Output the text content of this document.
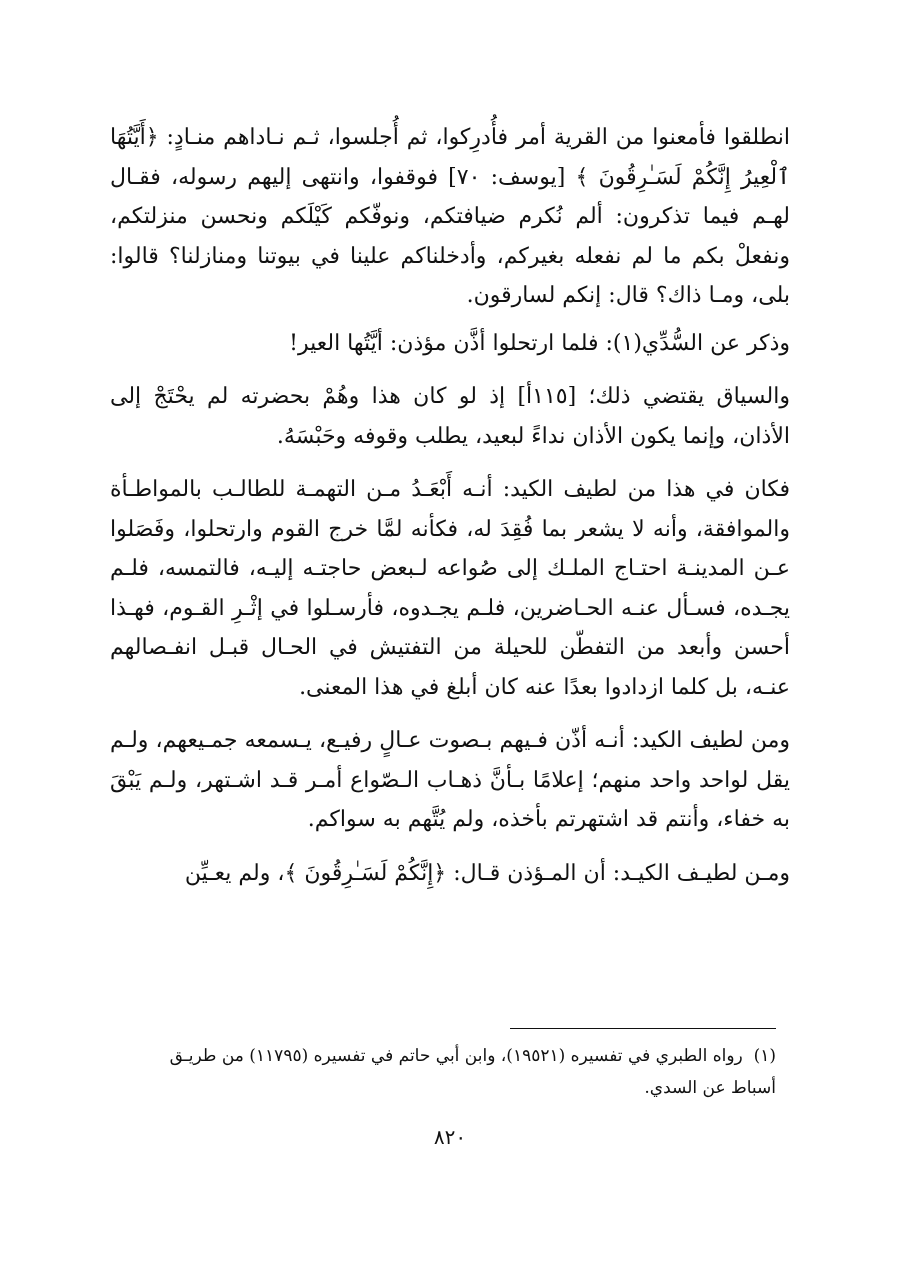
انطلقوا فأمعنوا من القرية أمر فأُدرِكوا، ثم أُجلسوا، ثـم نـاداهم منـادٍ: ﴿أَيَّتُهَا ٱلْعِيرُ إِنَّكُمْ لَسَـٰرِقُونَ ﴾ [يوسف: ٧٠] فوقفوا، وانتهى إليهم رسوله، فقـال لهـم فيما تذكرون: ألم نُكرم ضيافتكم، ونوفّكم كَيْلَكم ونحسن منزلتكم، ونفعلْ بكم ما لم نفعله بغيركم، وأدخلناكم علينا في بيوتنا ومنازلنا؟ قالوا: بلى، ومـا ذاك؟ قال: إنكم لسارقون.

وذكر عن السُّدِّي(١): فلما ارتحلوا أذَّن مؤذن: أيَّتُها العير!

والسياق يقتضي ذلك؛ [١١٥أ] إذ لو كان هذا وهُمْ بحضرته لم يحْتَجْ إلى الأذان، وإنما يكون الأذان نداءً لبعيد، يطلب وقوفه وحَبْسَهُ.

فكان في هذا من لطيف الكيد: أنـه أَبْعَـدُ مـن التهمـة للطالـب بالمواطـأة والموافقة، وأنه لا يشعر بما فُقِدَ له، فكأنه لمَّا خرج القوم وارتحلوا، وفَصَلوا عـن المدينـة احتـاج الملـك إلى صُواعه لـبعض حاجتـه إليـه، فالتمسه، فلـم يجـده، فسـأل عنـه الحـاضرين، فلـم يجـدوه، فأرسـلوا في إثْـرِ القـوم، فهـذا أحسن وأبعد من التفطّن للحيلة من التفتيش في الحـال قبـل انفـصالهم عنـه، بل كلما ازدادوا بعدًا عنه كان أبلغ في هذا المعنى.

ومن لطيف الكيد: أنـه أذّن فـيهم بـصوت عـالٍ رفيـع، يـسمعه جمـيعهم، ولـم يقل لواحد واحد منهم؛ إعلامًا بـأنَّ ذهـاب الـصّواع أمـر قـد اشـتهر، ولـم يَبْقَ به خفاء، وأنتم قد اشتهرتم بأخذه، ولم يُتَّهم به سواكم.

ومـن لطيـف الكيـد: أن المـؤذن قـال: ﴿إِنَّكُمْ لَسَـٰرِقُونَ ﴾، ولم يعـيِّن

(١)  رواه الطبري في تفسيره (١٩٥٢١)، وابن أبي حاتم في تفسيره (١١٧٩٥) من طريـق

أسباط عن السدي.

٨٢٠
